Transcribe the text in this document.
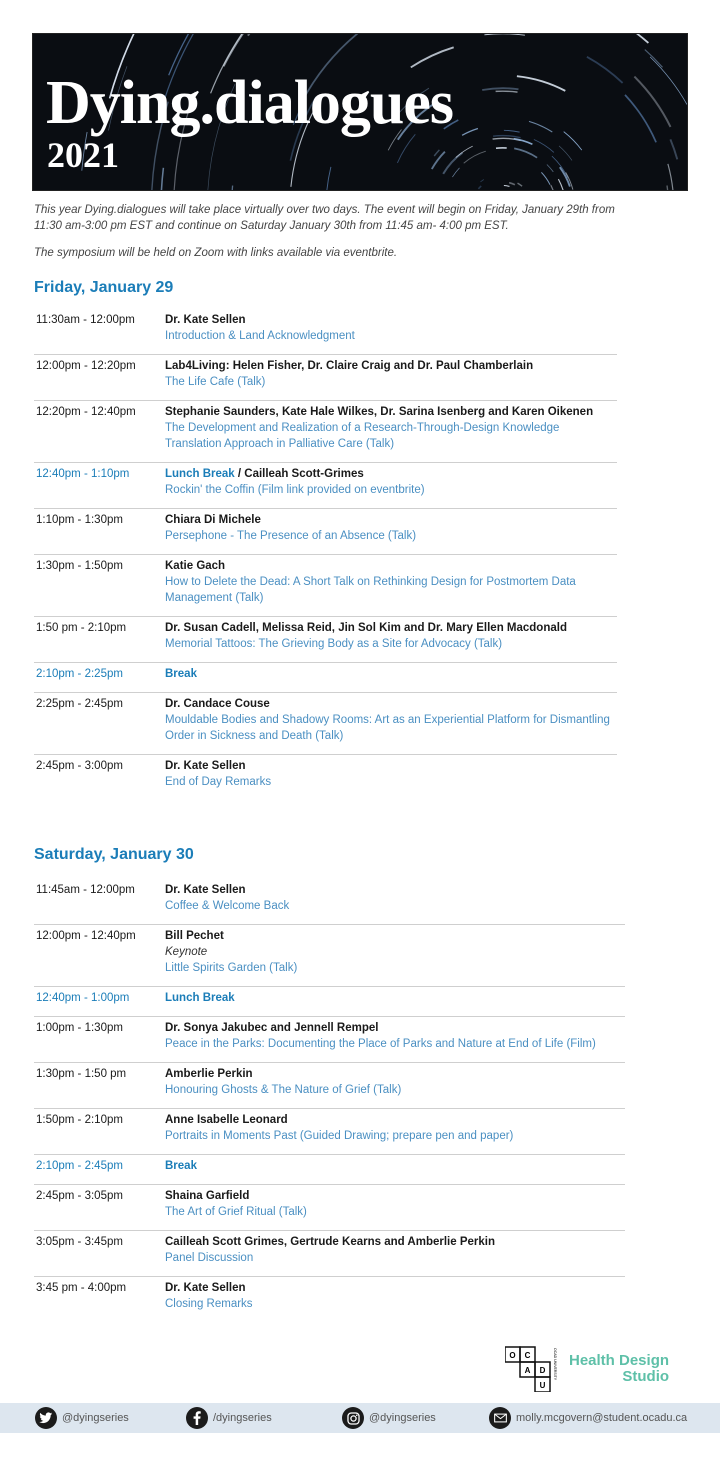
Dying.dialogues
2021

This year Dying.dialogues will take place virtually over two days. The event will begin on Friday, January 29th from 11:30 am-3:00 pm EST and continue on Saturday January 30th from 11:45 am- 4:00 pm EST.

The symposium will be held on Zoom with links available via eventbrite.

Friday, January 29
11:30am - 12:00pm	Dr. Kate Sellen
Introduction & Land Acknowledgment
12:00pm - 12:20pm	Lab4Living: Helen Fisher, Dr. Claire Craig and Dr. Paul Chamberlain
The Life Cafe (Talk)
12:20pm - 12:40pm	Stephanie Saunders, Kate Hale Wilkes, Dr. Sarina Isenberg and Karen Oikenen
The Development and Realization of a Research-Through-Design Knowledge Translation Approach in Palliative Care (Talk)
12:40pm - 1:10pm	Lunch Break / Cailleah Scott-Grimes
Rockin' the Coffin (Film link provided on eventbrite)
1:10pm - 1:30pm	Chiara Di Michele
Persephone - The Presence of an Absence (Talk)
1:30pm - 1:50pm	Katie Gach
How to Delete the Dead: A Short Talk on Rethinking Design for Postmortem Data Management (Talk)
1:50 pm - 2:10pm	Dr. Susan Cadell, Melissa Reid, Jin Sol Kim and Dr. Mary Ellen Macdonald
Memorial Tattoos: The Grieving Body as a Site for Advocacy (Talk)
2:10pm - 2:25pm	Break
2:25pm - 2:45pm	Dr. Candace Couse
Mouldable Bodies and Shadowy Rooms: Art as an Experiential Platform for Dismantling Order in Sickness and Death (Talk)
2:45pm - 3:00pm	Dr. Kate Sellen
End of Day Remarks
Saturday, January 30
11:45am - 12:00pm	Dr. Kate Sellen
Coffee & Welcome Back
12:00pm - 12:40pm	Bill Pechet
Keynote
Little Spirits Garden (Talk)
12:40pm - 1:00pm	Lunch Break
1:00pm - 1:30pm	Dr. Sonya Jakubec and Jennell Rempel
Peace in the Parks: Documenting the Place of Parks and Nature at End of Life (Film)
1:30pm - 1:50 pm	Amberlie Perkin
Honouring Ghosts & The Nature of Grief (Talk)
1:50pm - 2:10pm	Anne Isabelle Leonard
Portraits in Moments Past (Guided Drawing; prepare pen and paper)
2:10pm - 2:45pm	Break
2:45pm - 3:05pm	Shaina Garfield
The Art of Grief Ritual (Talk)
3:05pm - 3:45pm	Cailleah Scott Grimes, Gertrude Kearns and Amberlie Perkin
Panel Discussion
3:45 pm - 4:00pm	Dr. Kate Sellen
Closing Remarks
O C
A D
U
OCAD UNIVERSITY Health Design
Studio
@dyingseries	/dyingseries	@dyingseries	molly.mcgovern@student.ocadu.ca
